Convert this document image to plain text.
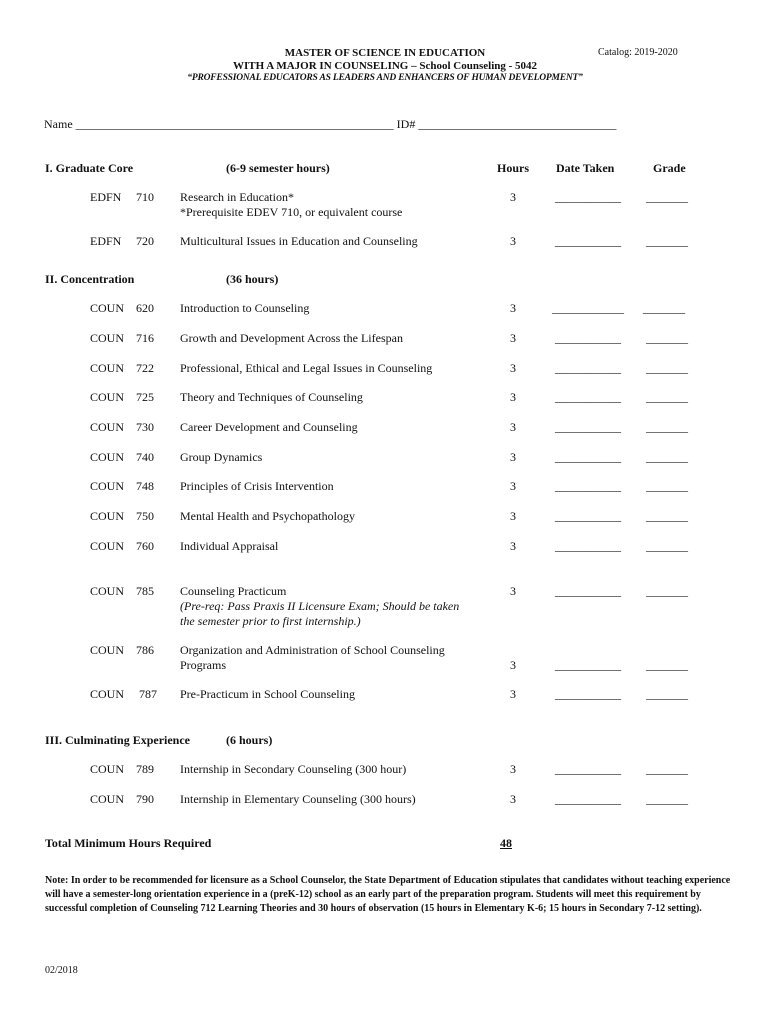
MASTER OF SCIENCE IN EDUCATION	Catalog: 2019-2020
WITH A MAJOR IN COUNSELING – School Counseling - 5042
“PROFESSIONAL EDUCATORS AS LEADERS AND ENHANCERS OF HUMAN DEVELOPMENT”
Name _____________________________________________________ ID# _________________________________
I. Graduate Core	(6-9 semester hours)	Hours Date Taken	Grade
EDFN 710 Research in Education*
*Prerequisite EDEV 710, or equivalent course
3	___________ _______
EDFN 720 Multicultural Issues in Education and Counseling	3	___________ _______
II. Concentration	(36 hours)
COUN 620 Introduction to Counseling	3	____________ _______
COUN 716 Growth and Development Across the Lifespan	3	___________ _______
COUN 722 Professional, Ethical and Legal Issues in Counseling	3	___________ _______
COUN 725 Theory and Techniques of Counseling	3	___________ _______
COUN 730 Career Development and Counseling	3	___________ _______
COUN 740 Group Dynamics	3	___________ _______
COUN 748 Principles of Crisis Intervention	3	___________ _______
COUN 750 Mental Health and Psychopathology	3	___________ _______
COUN 760 Individual Appraisal	3	___________ _______
COUN 785 Counseling Practicum
(Pre-req: Pass Praxis II Licensure Exam; Should be taken
the semester prior to first internship.)
3	___________ _______
COUN 786 Organization and Administration of School Counseling
Programs	3	___________ _______
COUN 787 Pre-Practicum in School Counseling	3	___________ _______
III. Culminating Experience	(6 hours)
COUN 789 Internship in Secondary Counseling (300 hour)	3	___________ _______
COUN 790 Internship in Elementary Counseling (300 hours)	3	___________ _______
Total Minimum Hours Required	48
Note: In order to be recommended for licensure as a School Counselor, the State Department of Education stipulates that candidates without teaching experience will have a semester-long orientation experience in a (preK-12) school as an early part of the preparation program. Students will meet this requirement by successful completion of Counseling 712 Learning Theories and 30 hours of observation (15 hours in Elementary K-6; 15 hours in Secondary 7-12 setting).
02/2018
